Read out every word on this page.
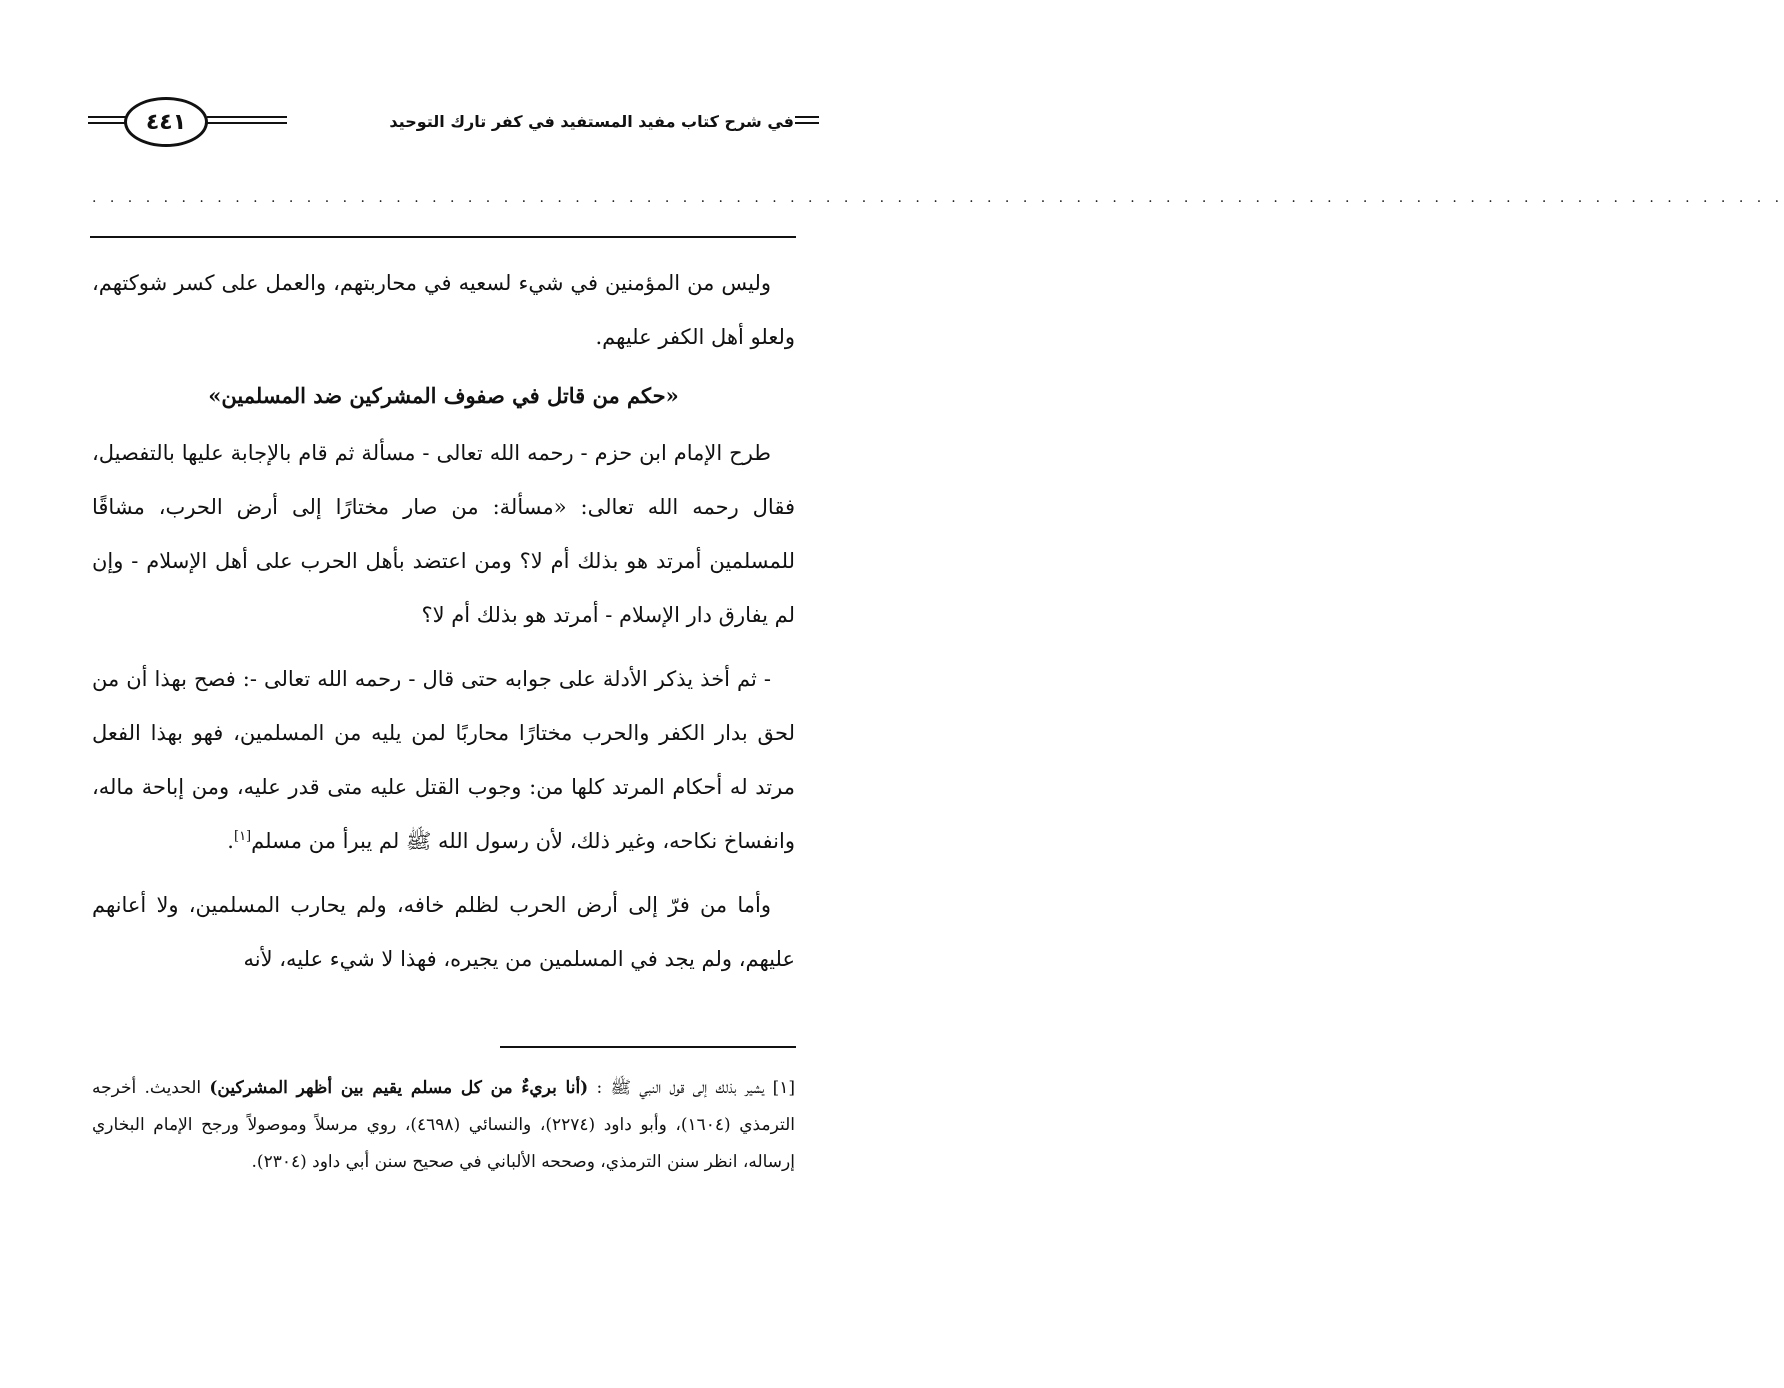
في شرح كتاب مفيد المستفيد في كفر تارك التوحيد
٤٤١
. . . . . . . . . . . . . . . . . . . . . . . . . . . . . . . . . . . . . . . . . . . . . . . . . . . . . . . . . . . . . . . . . . . . . . . . . . . . . . . . . . . . . . . . . . . . . . .

وليس من المؤمنين في شيء لسعيه في محاربتهم، والعمل على كسر شوكتهم، ولعلو أهل الكفر عليهم.

«حكم من قاتل في صفوف المشركين ضد المسلمين»

طرح الإمام ابن حزم - رحمه الله تعالى - مسألة ثم قام بالإجابة عليها بالتفصيل، فقال رحمه الله تعالى: «مسألة: من صار مختارًا إلى أرض الحرب، مشاقًا للمسلمين أمرتد هو بذلك أم لا؟ ومن اعتضد بأهل الحرب على أهل الإسلام - وإن لم يفارق دار الإسلام - أمرتد هو بذلك أم لا؟

- ثم أخذ يذكر الأدلة على جوابه حتى قال - رحمه الله تعالى -: فصح بهذا أن من لحق بدار الكفر والحرب مختارًا محاربًا لمن يليه من المسلمين، فهو بهذا الفعل مرتد له أحكام المرتد كلها من: وجوب القتل عليه متى قدر عليه، ومن إباحة ماله، وانفساخ نكاحه، وغير ذلك، لأن رسول الله ﷺ لم يبرأ من مسلم[١].

وأما من فرّ إلى أرض الحرب لظلم خافه، ولم يحارب المسلمين، ولا أعانهم عليهم، ولم يجد في المسلمين من يجيره، فهذا لا شيء عليه، لأنه

[١] يشير بذلك إلى قول النبي ﷺ : (أنا بريءٌ من كل مسلم يقيم بين أظهر المشركين) الحديث. أخرجه الترمذي (١٦٠٤)، وأبو داود (٢٢٧٤)، والنسائي (٤٦٩٨)، روي مرسلاً وموصولاً ورجح الإمام البخاري إرساله، انظر سنن الترمذي، وصححه الألباني في صحيح سنن أبي داود (٢٣٠٤).
